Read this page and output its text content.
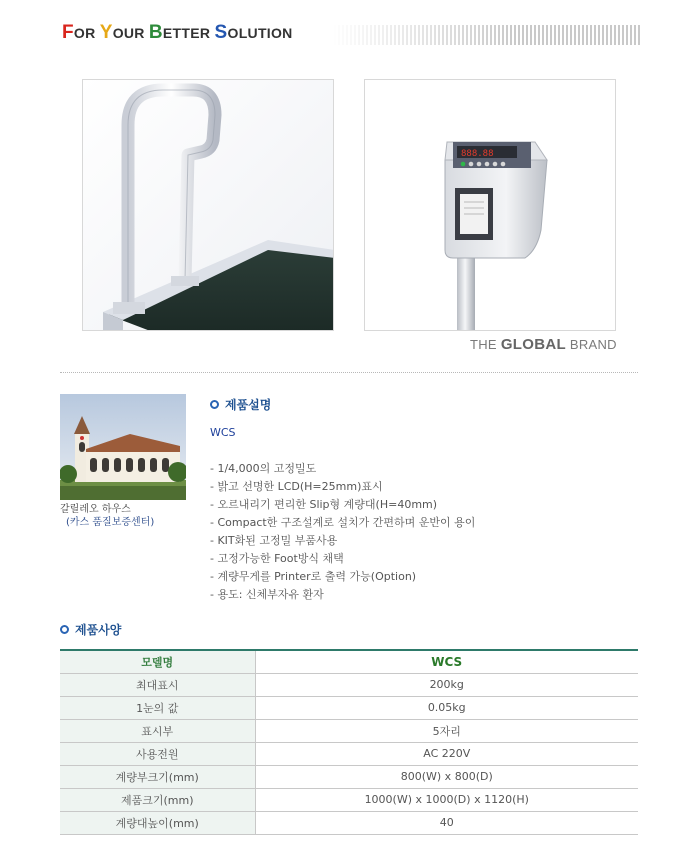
FOR YOUR BETTER SOLUTION
888.88
THE GLOBAL BRAND
갈릴레오 하우스
(카스 품질보증센터)
제품설명
WCS
- 1/4,000의 고정밀도
- 밝고 선명한 LCD(H=25mm)표시
- 오르내리기 편리한 Slip형 계량대(H=40mm)
- Compact한 구조설계로 설치가 간편하며 운반이 용이
- KIT화된 고정밀 부품사용
- 고정가능한 Foot방식 채택
- 계량무게를 Printer로 출력 가능(Option)
- 용도: 신체부자유 환자
제품사양
모델명	WCS
최대표시	200kg
1눈의 값	0.05kg
표시부	5자리
사용전원	AC 220V
계량부크기(mm)	800(W) x 800(D)
제품크기(mm)	1000(W) x 1000(D) x 1120(H)
계량대높이(mm)	40
